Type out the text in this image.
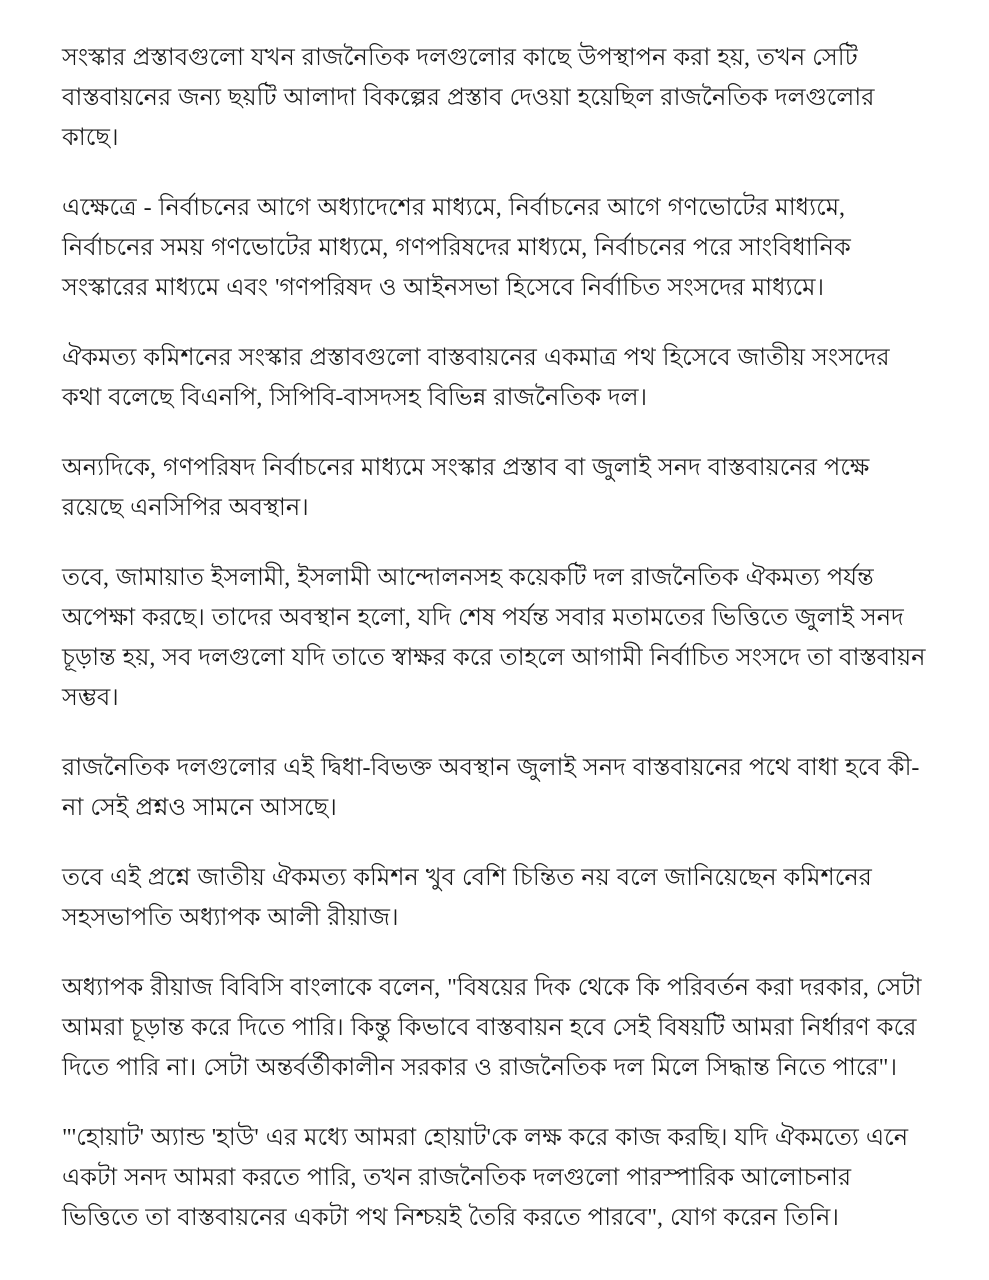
সংস্কার প্রস্তাবগুলো যখন রাজনৈতিক দলগুলোর কাছে উপস্থাপন করা হয়, তখন সেটি বাস্তবায়নের জন্য ছয়টি আলাদা বিকল্পের প্রস্তাব দেওয়া হয়েছিল রাজনৈতিক দলগুলোর কাছে।

এক্ষেত্রে - নির্বাচনের আগে অধ্যাদেশের মাধ্যমে, নির্বাচনের আগে গণভোটের মাধ্যমে, নির্বাচনের সময় গণভোটের মাধ্যমে, গণপরিষদের মাধ্যমে, নির্বাচনের পরে সাংবিধানিক সংস্কারের মাধ্যমে এবং 'গণপরিষদ ও আইনসভা হিসেবে নির্বাচিত সংসদের মাধ্যমে।

ঐকমত্য কমিশনের সংস্কার প্রস্তাবগুলো বাস্তবায়নের একমাত্র পথ হিসেবে জাতীয় সংসদের কথা বলেছে বিএনপি, সিপিবি-বাসদসহ বিভিন্ন রাজনৈতিক দল।

অন্যদিকে, গণপরিষদ নির্বাচনের মাধ্যমে সংস্কার প্রস্তাব বা জুলাই সনদ বাস্তবায়নের পক্ষে রয়েছে এনসিপির অবস্থান।

তবে, জামায়াত ইসলামী, ইসলামী আন্দোলনসহ কয়েকটি দল রাজনৈতিক ঐকমত্য পর্যন্ত অপেক্ষা করছে। তাদের অবস্থান হলো, যদি শেষ পর্যন্ত সবার মতামতের ভিত্তিতে জুলাই সনদ চূড়ান্ত হয়, সব দলগুলো যদি তাতে স্বাক্ষর করে তাহলে আগামী নির্বাচিত সংসদে তা বাস্তবায়ন সম্ভব।

রাজনৈতিক দলগুলোর এই দ্বিধা-বিভক্ত অবস্থান জুলাই সনদ বাস্তবায়নের পথে বাধা হবে কী-না সেই প্রশ্নও সামনে আসছে।

তবে এই প্রশ্নে জাতীয় ঐকমত্য কমিশন খুব বেশি চিন্তিত নয় বলে জানিয়েছেন কমিশনের সহসভাপতি অধ্যাপক আলী রীয়াজ।

অধ্যাপক রীয়াজ বিবিসি বাংলাকে বলেন, "বিষয়ের দিক থেকে কি পরিবর্তন করা দরকার, সেটা আমরা চূড়ান্ত করে দিতে পারি। কিন্তু কিভাবে বাস্তবায়ন হবে সেই বিষয়টি আমরা নির্ধারণ করে দিতে পারি না। সেটা অন্তর্বর্তীকালীন সরকার ও রাজনৈতিক দল মিলে সিদ্ধান্ত নিতে পারে"।

"'হোয়াট' অ্যান্ড 'হাউ' এর মধ্যে আমরা হোয়াট'কে লক্ষ করে কাজ করছি। যদি ঐকমত্যে এনে একটা সনদ আমরা করতে পারি, তখন রাজনৈতিক দলগুলো পারস্পারিক আলোচনার ভিত্তিতে তা বাস্তবায়নের একটা পথ নিশ্চয়ই তৈরি করতে পারবে", যোগ করেন তিনি।
